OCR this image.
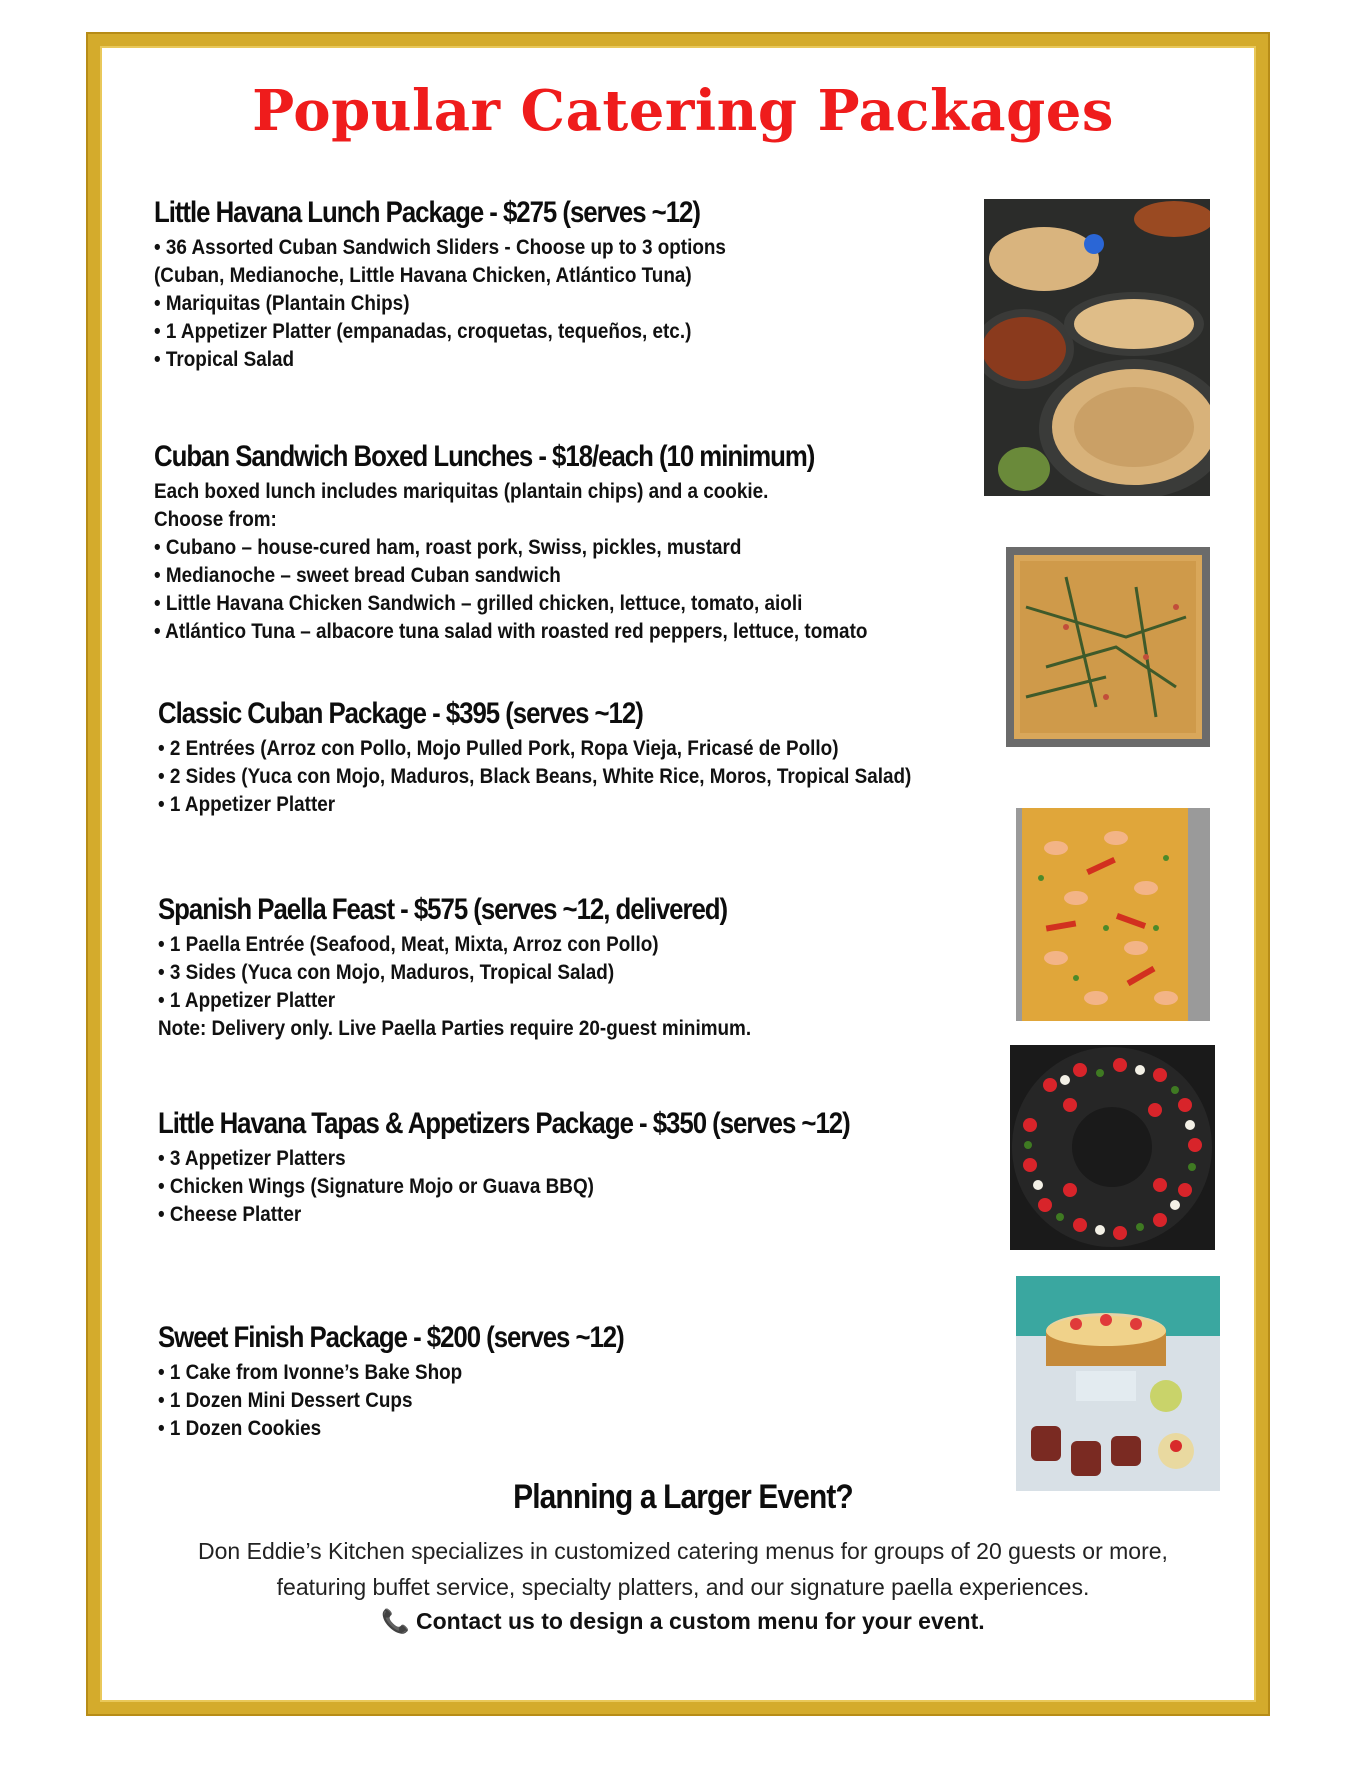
Popular Catering Packages
Little Havana Lunch Package - $275 (serves ~12)
• 36 Assorted Cuban Sandwich Sliders - Choose up to 3 options
(Cuban, Medianoche, Little Havana Chicken, Atlántico Tuna)
• Mariquitas (Plantain Chips)
• 1 Appetizer Platter (empanadas, croquetas, tequeños, etc.)
• Tropical Salad
Cuban Sandwich Boxed Lunches - $18/each (10 minimum)
Each boxed lunch includes mariquitas (plantain chips) and a cookie.
Choose from:
• Cubano – house-cured ham, roast pork, Swiss, pickles, mustard
• Medianoche – sweet bread Cuban sandwich
• Little Havana Chicken Sandwich – grilled chicken, lettuce, tomato, aioli
• Atlántico Tuna – albacore tuna salad with roasted red peppers, lettuce, tomato
Classic Cuban Package - $395 (serves ~12)
• 2 Entrées (Arroz con Pollo, Mojo Pulled Pork, Ropa Vieja, Fricasé de Pollo)
• 2 Sides (Yuca con Mojo, Maduros, Black Beans, White Rice, Moros, Tropical Salad)
• 1 Appetizer Platter
Spanish Paella Feast - $575 (serves ~12, delivered)
• 1 Paella Entrée (Seafood, Meat, Mixta, Arroz con Pollo)
• 3 Sides (Yuca con Mojo, Maduros, Tropical Salad)
• 1 Appetizer Platter
Note: Delivery only. Live Paella Parties require 20-guest minimum.
Little Havana Tapas & Appetizers Package - $350 (serves ~12)
• 3 Appetizer Platters
• Chicken Wings (Signature Mojo or Guava BBQ)
• Cheese Platter
Sweet Finish Package - $200 (serves ~12)
• 1 Cake from Ivonne’s Bake Shop
• 1 Dozen Mini Dessert Cups
• 1 Dozen Cookies
Planning a Larger Event?
Don Eddie’s Kitchen specializes in customized catering menus for groups of 20 guests or more,
featuring buffet service, specialty platters, and our signature paella experiences.
📞 Contact us to design a custom menu for your event.
